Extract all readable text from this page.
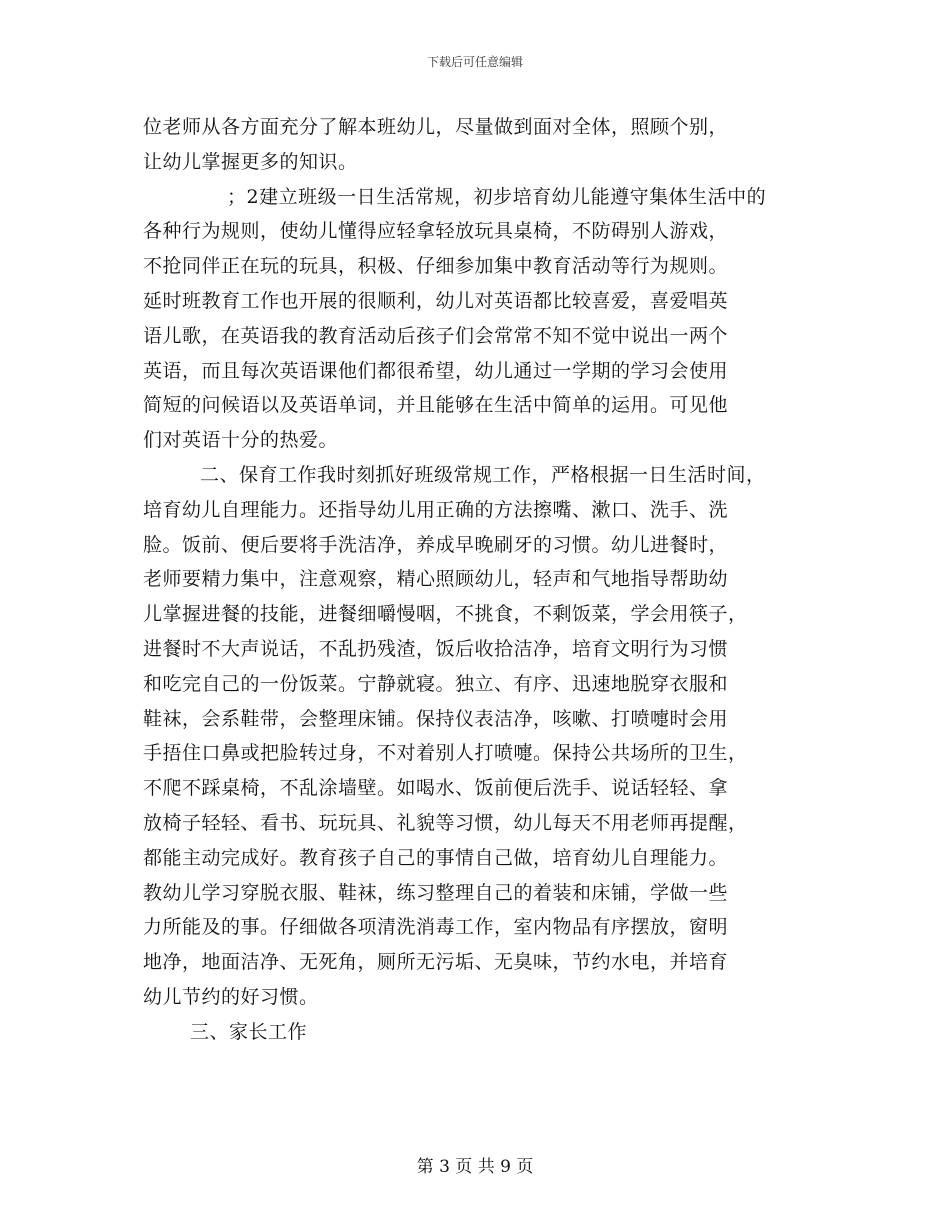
下载后可任意编辑
位老师从各方面充分了解本班幼儿，尽量做到面对全体，照顾个别，
让幼儿掌握更多的知识。
；2建立班级一日生活常规，初步培育幼儿能遵守集体生活中的
各种行为规则，使幼儿懂得应轻拿轻放玩具桌椅，不防碍别人游戏，
不抢同伴正在玩的玩具，积极、仔细参加集中教育活动等行为规则。
延时班教育工作也开展的很顺利，幼儿对英语都比较喜爱，喜爱唱英
语儿歌，在英语我的教育活动后孩子们会常常不知不觉中说出一两个
英语，而且每次英语课他们都很希望，幼儿通过一学期的学习会使用
简短的问候语以及英语单词，并且能够在生活中简单的运用。可见他
们对英语十分的热爱。
二、保育工作我时刻抓好班级常规工作，严格根据一日生活时间，
培育幼儿自理能力。还指导幼儿用正确的方法擦嘴、漱口、洗手、洗
脸。饭前、便后要将手洗洁净，养成早晚刷牙的习惯。幼儿进餐时，
老师要精力集中，注意观察，精心照顾幼儿，轻声和气地指导帮助幼
儿掌握进餐的技能，进餐细嚼慢咽，不挑食，不剩饭菜，学会用筷子，
进餐时不大声说话，不乱扔残渣，饭后收拾洁净，培育文明行为习惯
和吃完自己的一份饭菜。宁静就寝。独立、有序、迅速地脱穿衣服和
鞋袜，会系鞋带，会整理床铺。保持仪表洁净，咳嗽、打喷嚏时会用
手捂住口鼻或把脸转过身，不对着别人打喷嚏。保持公共场所的卫生，
不爬不踩桌椅，不乱涂墙壁。如喝水、饭前便后洗手、说话轻轻、拿
放椅子轻轻、看书、玩玩具、礼貌等习惯，幼儿每天不用老师再提醒，
都能主动完成好。教育孩子自己的事情自己做，培育幼儿自理能力。
教幼儿学习穿脱衣服、鞋袜，练习整理自己的着装和床铺，学做一些
力所能及的事。仔细做各项清洗消毒工作，室内物品有序摆放，窗明
地净，地面洁净、无死角，厕所无污垢、无臭味，节约水电，并培育
幼儿节约的好习惯。
三、家长工作
第 3 页 共 9 页
